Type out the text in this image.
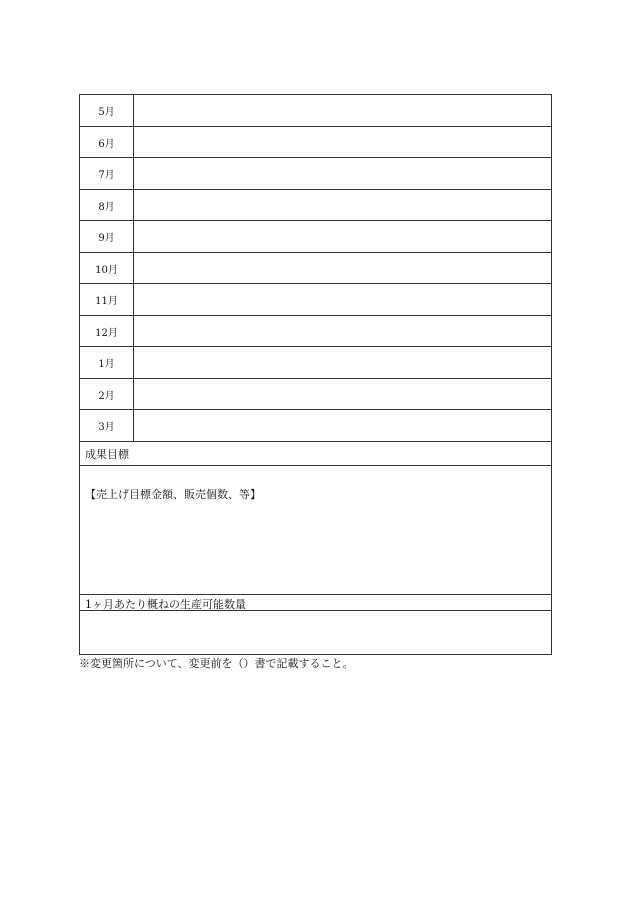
5月
6月
7月
8月
9月
10月
11月
12月
1月
2月
3月
成果目標
【売上げ目標金額、販売個数、等】
1ヶ月あたり概ねの生産可能数量
※変更箇所について、変更前を（）書で記載すること。
